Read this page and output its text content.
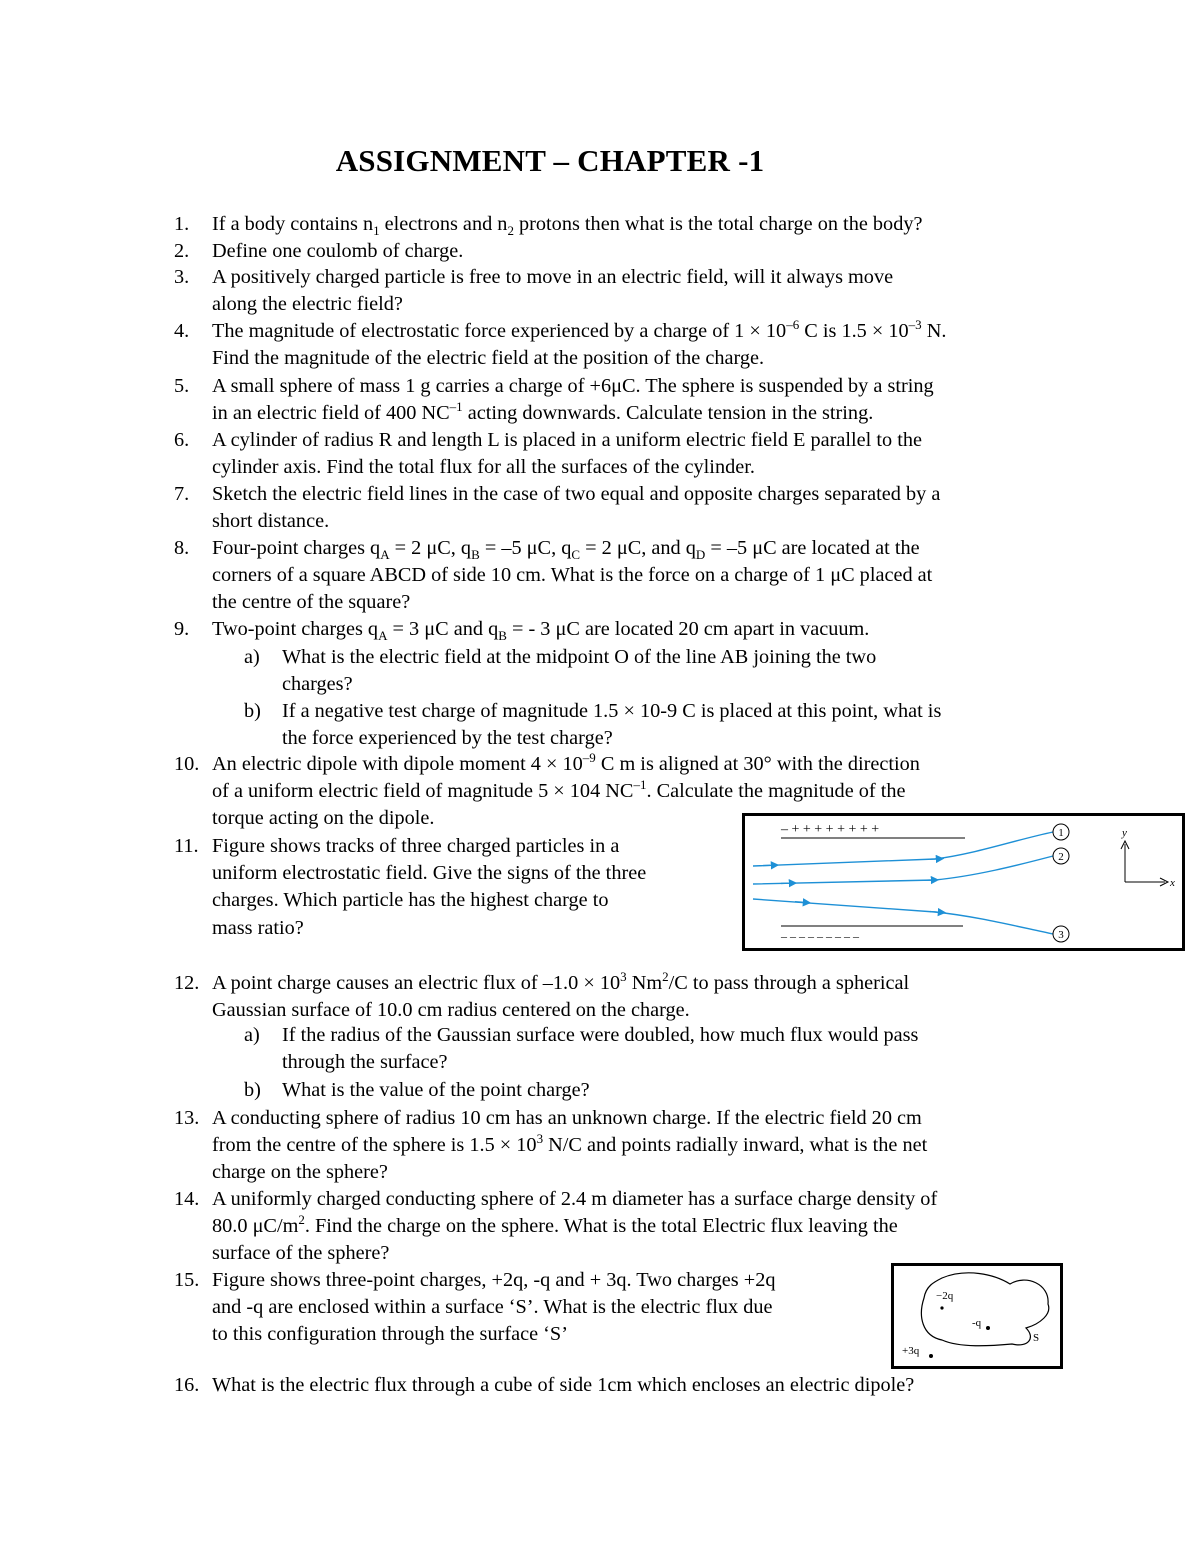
ASSIGNMENT – CHAPTER -1
1. If a body contains $n_1$ electrons and $n_2$ protons then what is the total charge on the body?
2. Define one coulomb of charge.
3. A positively charged particle is free to move in an electric field, will it always move
along the electric field?
4. The magnitude of electrostatic force experienced by a charge of $1 \times 10^{-6}$ C is $1.5 \times 10^{-3}$ N.
Find the magnitude of the electric field at the position of the charge.
5. A small sphere of mass 1 g carries a charge of +6μC. The sphere is suspended by a string
in an electric field of 400 $NC^{-1}$ acting downwards. Calculate tension in the string.
6. A cylinder of radius R and length L is placed in a uniform electric field E parallel to the
cylinder axis. Find the total flux for all the surfaces of the cylinder.
7. Sketch the electric field lines in the case of two equal and opposite charges separated by a
short distance.
8. Four-point charges $q_A = 2$ μC, $q_B = -5$ μC, $q_C = 2$ μC, and $q_D = -5$ μC are located at the
corners of a square ABCD of side 10 cm. What is the force on a charge of 1 μC placed at
the centre of the square?
9. Two-point charges $q_A = 3$ μC and $q_B$ = - 3 μC are located 20 cm apart in vacuum.
10. An electric dipole with dipole moment $4 \times 10^{-9}$ C m is aligned at 30° with the direction
of a uniform electric field of magnitude 5 × 104 $NC^{-1}$. Calculate the magnitude of the
torque acting on the dipole.
11. Figure shows tracks of three charged particles in a
uniform electrostatic field. Give the signs of the three
charges. Which particle has the highest charge to
mass ratio?
12. A point charge causes an electric flux of $-1.0 \times 10^3$ Nm$^2$/C to pass through a spherical
Gaussian surface of 10.0 cm radius centered on the charge.
13. A conducting sphere of radius 10 cm has an unknown charge. If the electric field 20 cm
from the centre of the sphere is $1.5 \times 10^3$ N/C and points radially inward, what is the net
charge on the sphere?
14. A uniformly charged conducting sphere of 2.4 m diameter has a surface charge density of
80.0 $\mu C/m^2$. Find the charge on the sphere. What is the total Electric flux leaving the
surface of the sphere?
15. Figure shows three-point charges, +2q, -q and + 3q. Two charges +2q
and -q are enclosed within a surface ‘S’. What is the electric flux due
to this configuration through the surface ‘S’
16. What is the electric flux through a cube of side 1cm which encloses an electric dipole?
a) What is the electric field at the midpoint O of the line AB joining the two
charges?
b) If a negative test charge of magnitude 1.5 × 10-9 C is placed at this point, what is
the force experienced by the test charge?
a) If the radius of the Gaussian surface were doubled, how much flux would pass
through the surface?
b) What is the value of the point charge?
– + + + + + + + +
– – – – – – – – –
1
2
3
y
x
−2q
-q
+3q
S
